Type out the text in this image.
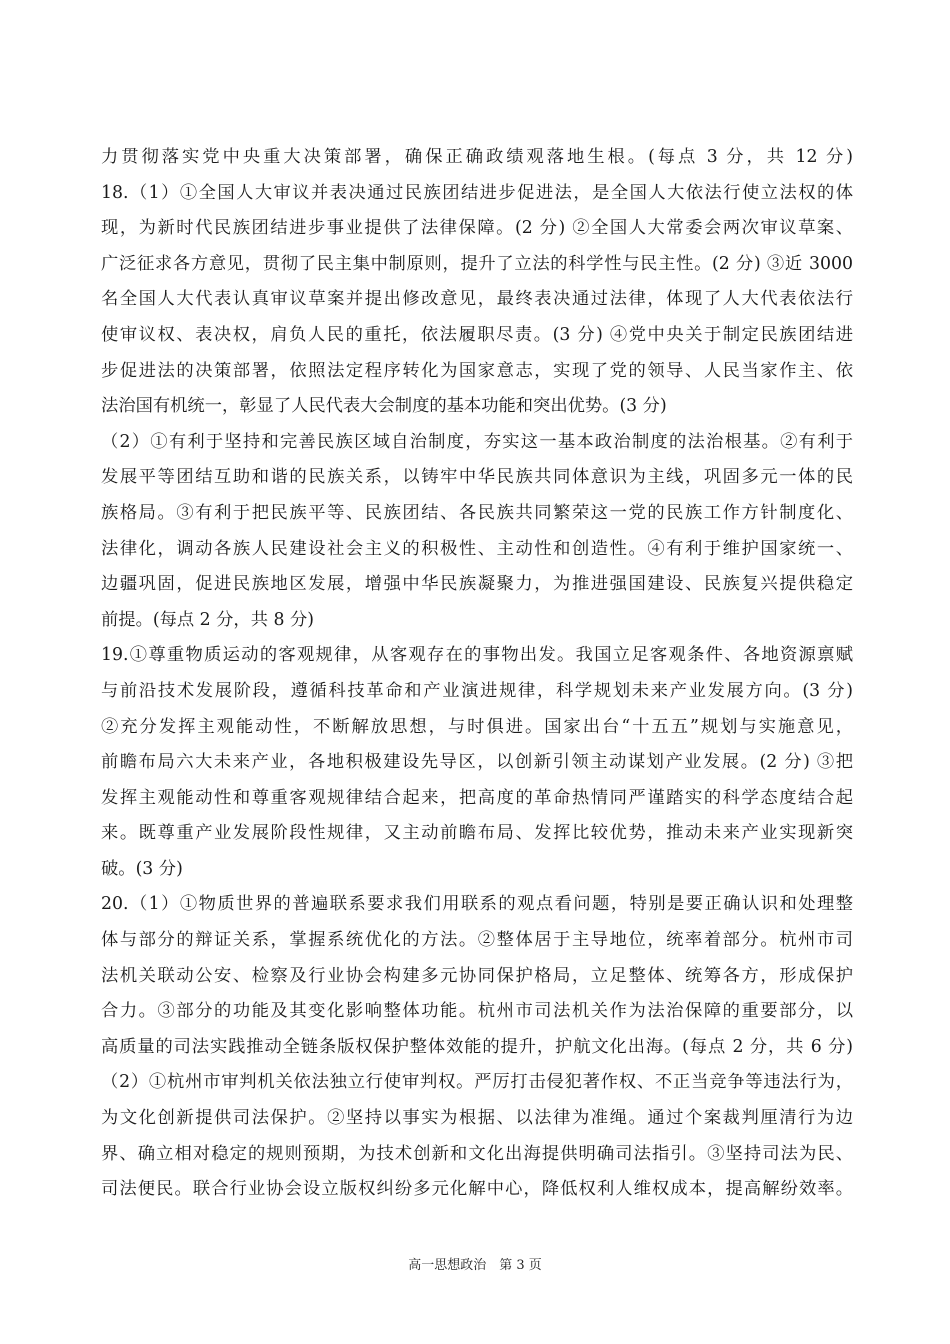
力贯彻落实党中央重大决策部署，确保正确政绩观落地生根。(每点 3 分，共 12 分)
18.（1）①全国人大审议并表决通过民族团结进步促进法，是全国人大依法行使立法权的体
现，为新时代民族团结进步事业提供了法律保障。(2 分) ②全国人大常委会两次审议草案、
广泛征求各方意见，贯彻了民主集中制原则，提升了立法的科学性与民主性。(2 分) ③近 3000
名全国人大代表认真审议草案并提出修改意见，最终表决通过法律，体现了人大代表依法行
使审议权、表决权，肩负人民的重托，依法履职尽责。(3 分) ④党中央关于制定民族团结进
步促进法的决策部署，依照法定程序转化为国家意志，实现了党的领导、人民当家作主、依
法治国有机统一，彰显了人民代表大会制度的基本功能和突出优势。(3 分)
（2）①有利于坚持和完善民族区域自治制度，夯实这一基本政治制度的法治根基。②有利于
发展平等团结互助和谐的民族关系，以铸牢中华民族共同体意识为主线，巩固多元一体的民
族格局。③有利于把民族平等、民族团结、各民族共同繁荣这一党的民族工作方针制度化、
法律化，调动各族人民建设社会主义的积极性、主动性和创造性。④有利于维护国家统一、
边疆巩固，促进民族地区发展，增强中华民族凝聚力，为推进强国建设、民族复兴提供稳定
前提。(每点 2 分，共 8 分)
19.①尊重物质运动的客观规律，从客观存在的事物出发。我国立足客观条件、各地资源禀赋
与前沿技术发展阶段，遵循科技革命和产业演进规律，科学规划未来产业发展方向。(3 分)
②充分发挥主观能动性，不断解放思想，与时俱进。国家出台“十五五”规划与实施意见，
前瞻布局六大未来产业，各地积极建设先导区，以创新引领主动谋划产业发展。(2 分) ③把
发挥主观能动性和尊重客观规律结合起来，把高度的革命热情同严谨踏实的科学态度结合起
来。既尊重产业发展阶段性规律，又主动前瞻布局、发挥比较优势，推动未来产业实现新突
破。(3 分)
20.（1）①物质世界的普遍联系要求我们用联系的观点看问题，特别是要正确认识和处理整
体与部分的辩证关系，掌握系统优化的方法。②整体居于主导地位，统率着部分。杭州市司
法机关联动公安、检察及行业协会构建多元协同保护格局，立足整体、统筹各方，形成保护
合力。③部分的功能及其变化影响整体功能。杭州市司法机关作为法治保障的重要部分，以
高质量的司法实践推动全链条版权保护整体效能的提升，护航文化出海。(每点 2 分，共 6 分)
（2）①杭州市审判机关依法独立行使审判权。严厉打击侵犯著作权、不正当竞争等违法行为，
为文化创新提供司法保护。②坚持以事实为根据、以法律为准绳。通过个案裁判厘清行为边
界、确立相对稳定的规则预期，为技术创新和文化出海提供明确司法指引。③坚持司法为民、
司法便民。联合行业协会设立版权纠纷多元化解中心，降低权利人维权成本，提高解纷效率。
高一思想政治　第 3 页
